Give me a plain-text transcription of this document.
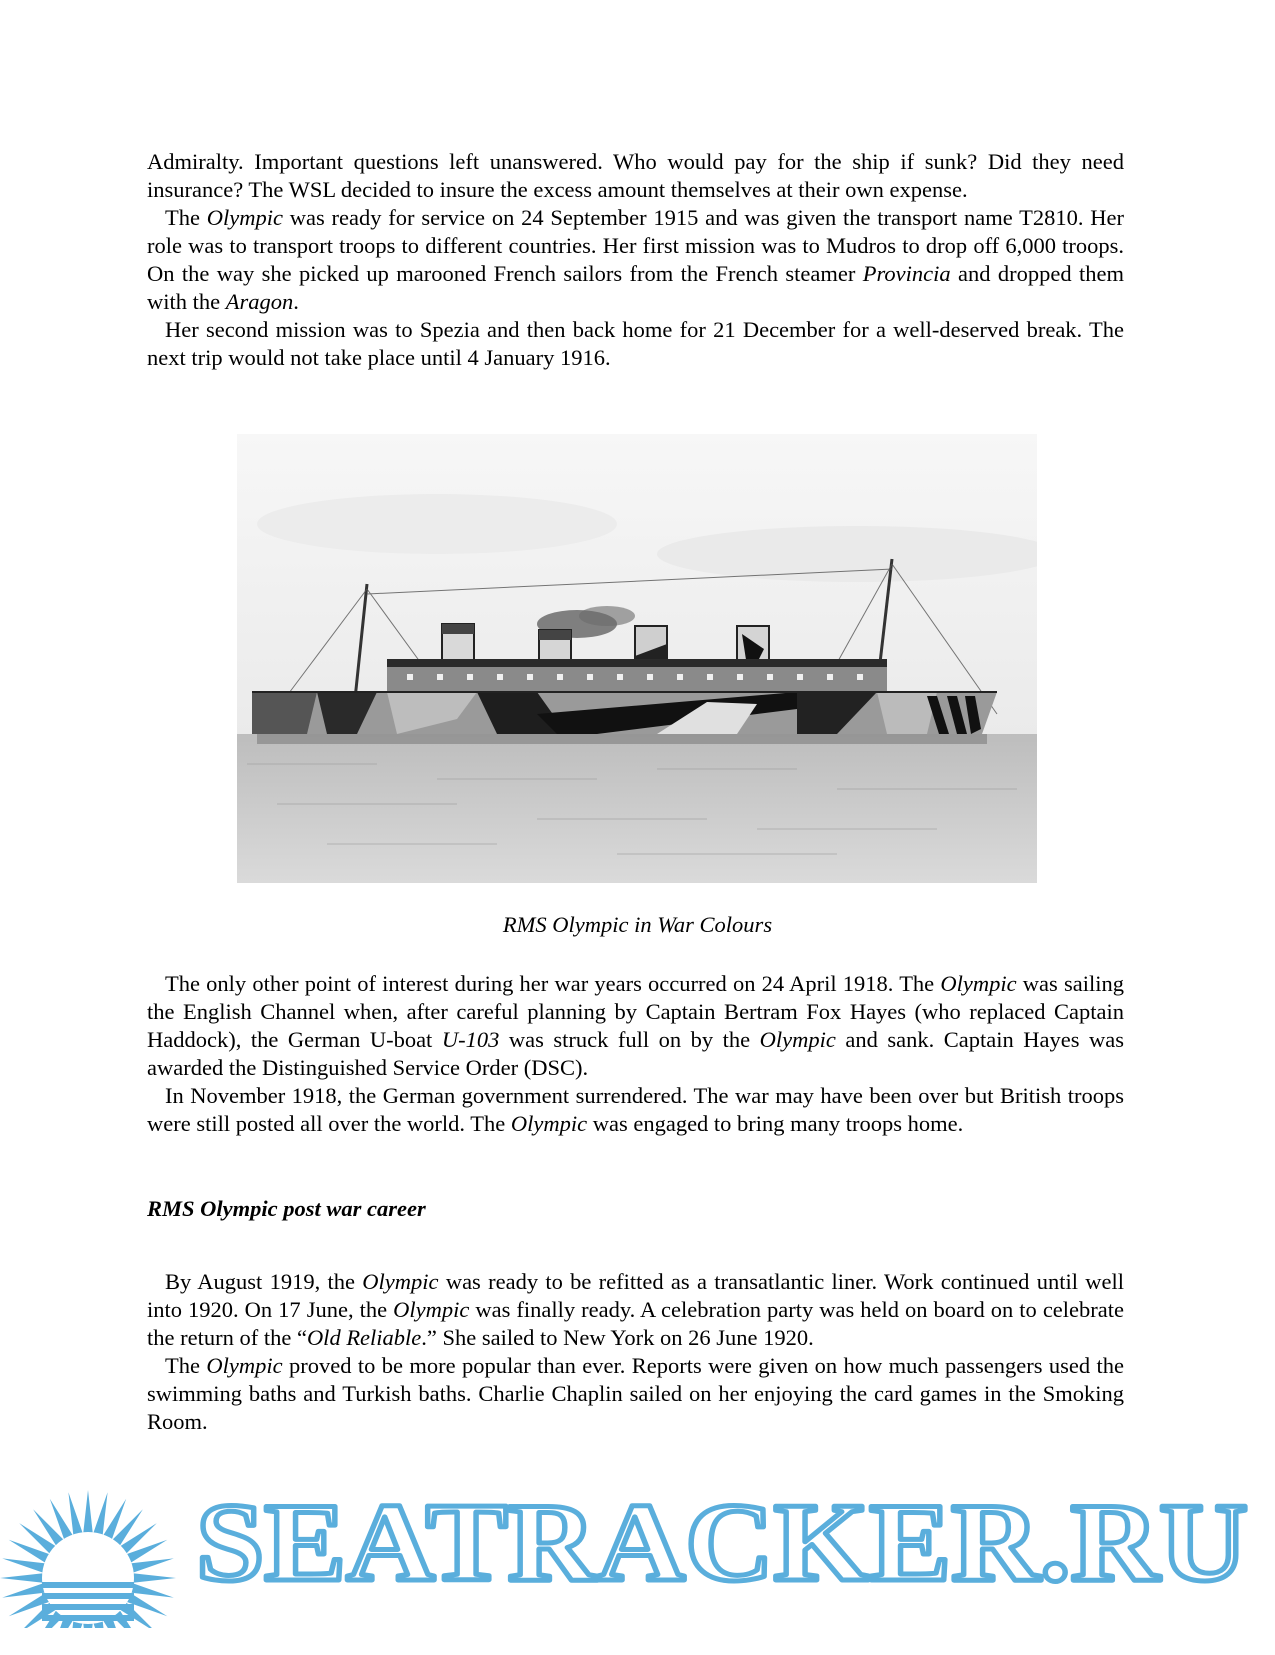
Admiralty. Important questions left unanswered. Who would pay for the ship if sunk? Did they need insurance? The WSL decided to insure the excess amount themselves at their own expense.

The Olympic was ready for service on 24 September 1915 and was given the transport name T2810. Her role was to transport troops to different countries. Her first mission was to Mudros to drop off 6,000 troops. On the way she picked up marooned French sailors from the French steamer Provincia and dropped them with the Aragon.

Her second mission was to Spezia and then back home for 21 December for a well-deserved break. The next trip would not take place until 4 January 1916.

RMS Olympic in War Colours

The only other point of interest during her war years occurred on 24 April 1918. The Olympic was sailing the English Channel when, after careful planning by Captain Bertram Fox Hayes (who replaced Captain Haddock), the German U-boat U-103 was struck full on by the Olympic and sank. Captain Hayes was awarded the Distinguished Service Order (DSC).

In November 1918, the German government surrendered. The war may have been over but British troops were still posted all over the world. The Olympic was engaged to bring many troops home.

RMS Olympic post war career

By August 1919, the Olympic was ready to be refitted as a transatlantic liner. Work continued until well into 1920. On 17 June, the Olympic was finally ready. A celebration party was held on board on to celebrate the return of the “Old Reliable.” She sailed to New York on 26 June 1920.

The Olympic proved to be more popular than ever. Reports were given on how much passengers used the swimming baths and Turkish baths. Charlie Chaplin sailed on her enjoying the card games in the Smoking Room.

SEATRACKER.RU
